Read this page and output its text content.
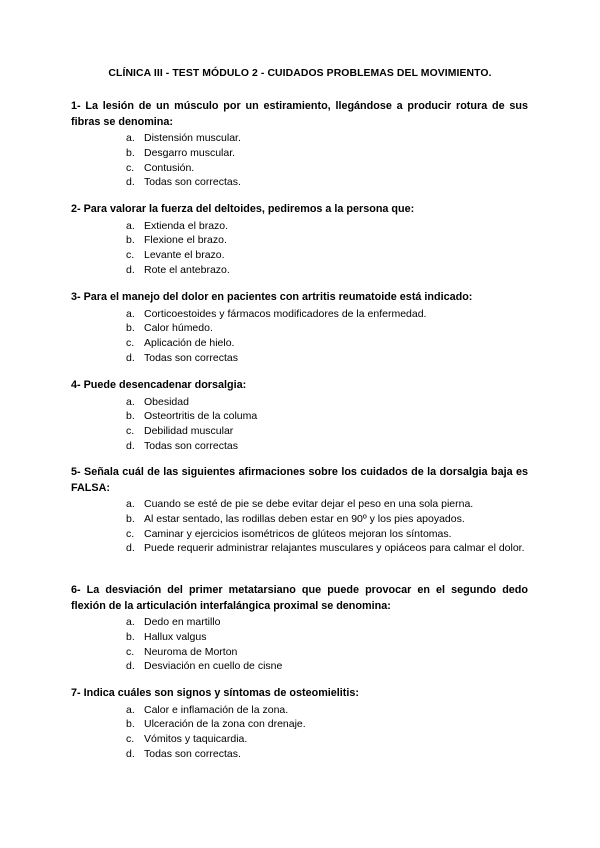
CLÍNICA III - TEST MÓDULO 2 - CUIDADOS PROBLEMAS DEL MOVIMIENTO.

1- La lesión de un músculo por un estiramiento, llegándose a producir rotura de sus fibras se denomina:

a. Distensión muscular.
b. Desgarro muscular.
c. Contusión.
d. Todas son correctas.

2- Para valorar la fuerza del deltoides, pediremos a la persona que:

a. Extienda el brazo.
b. Flexione el brazo.
c. Levante el brazo.
d. Rote el antebrazo.

3- Para el manejo del dolor en pacientes con artritis reumatoide está indicado:

a. Corticoestoides y fármacos modificadores de la enfermedad.
b. Calor húmedo.
c. Aplicación de hielo.
d. Todas son correctas

4- Puede desencadenar dorsalgia:

a. Obesidad
b. Osteortritis de la columa
c. Debilidad muscular
d. Todas son correctas

5- Señala cuál de las siguientes afirmaciones sobre los cuidados de la dorsalgia baja es FALSA:

a. Cuando se esté de pie se debe evitar dejar el peso en una sola pierna.
b. Al estar sentado, las rodillas deben estar en 90º y los pies apoyados.
c. Caminar y ejercicios isométricos de glúteos mejoran los síntomas.
d. Puede requerir administrar relajantes musculares y opiáceos para calmar el dolor.

6- La desviación del primer metatarsiano que puede provocar en el segundo dedo flexión de la articulación interfalángica proximal se denomina:

a. Dedo en martillo
b. Hallux valgus
c. Neuroma de Morton
d. Desviación en cuello de cisne

7- Indica cuáles son signos y síntomas de osteomielitis:

a. Calor e inflamación de la zona.
b. Ulceración de la zona con drenaje.
c. Vómitos y taquicardia.
d. Todas son correctas.
